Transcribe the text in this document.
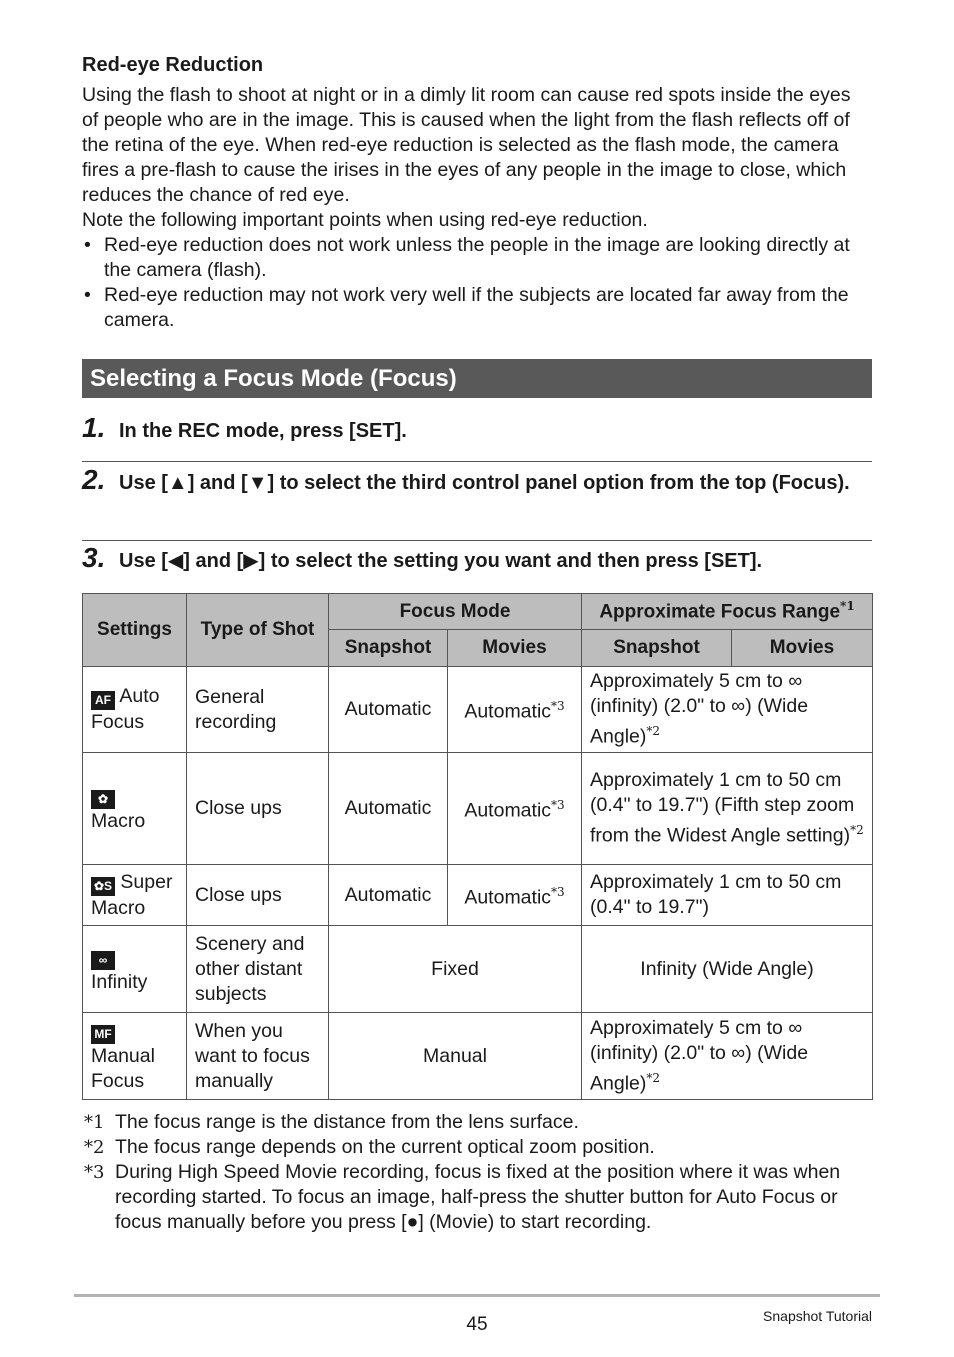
Red-eye Reduction

Using the flash to shoot at night or in a dimly lit room can cause red spots inside the eyes of people who are in the image. This is caused when the light from the flash reflects off of the retina of the eye. When red-eye reduction is selected as the flash mode, the camera fires a pre-flash to cause the irises in the eyes of any people in the image to close, which reduces the chance of red eye.

Note the following important points when using red-eye reduction.

• Red-eye reduction does not work unless the people in the image are looking directly at the camera (flash).
• Red-eye reduction may not work very well if the subjects are located far away from the camera.
Selecting a Focus Mode (Focus)
1. In the REC mode, press [SET].
2. Use [▲] and [▼] to select the third control panel option from the top (Focus).
3. Use [◀] and [▶] to select the setting you want and then press [SET].
Settings	Type of Shot	Focus Mode		Approximate Focus Range$^{*1}$
		Snapshot	Movies	Snapshot	Movies
AF Auto Focus	General recording	Automatic	Automatic$^{*3}$	Approximately 5 cm to ∞ (infinity) (2.0" to ∞) (Wide Angle)$^{*2}$
✿
Macro	Close ups	Automatic	Automatic$^{*3}$	Approximately 1 cm to 50 cm (0.4" to 19.7") (Fifth step zoom from the Widest Angle setting)$^{*2}$
✿S Super Macro	Close ups	Automatic	Automatic$^{*3}$	Approximately 1 cm to 50 cm (0.4" to 19.7")	
∞
Infinity	Scenery and other distant subjects	Fixed		Infinity (Wide Angle)	
MF
Manual Focus	When you want to focus manually	Manual		Approximately 5 cm to ∞ (infinity) (2.0" to ∞) (Wide Angle)$^{*2}$
*1 The focus range is the distance from the lens surface.
*2 The focus range depends on the current optical zoom position.
*3 During High Speed Movie recording, focus is fixed at the position where it was when recording started. To focus an image, half-press the shutter button for Auto Focus or focus manually before you press [●] (Movie) to start recording.
45	Snapshot Tutorial
